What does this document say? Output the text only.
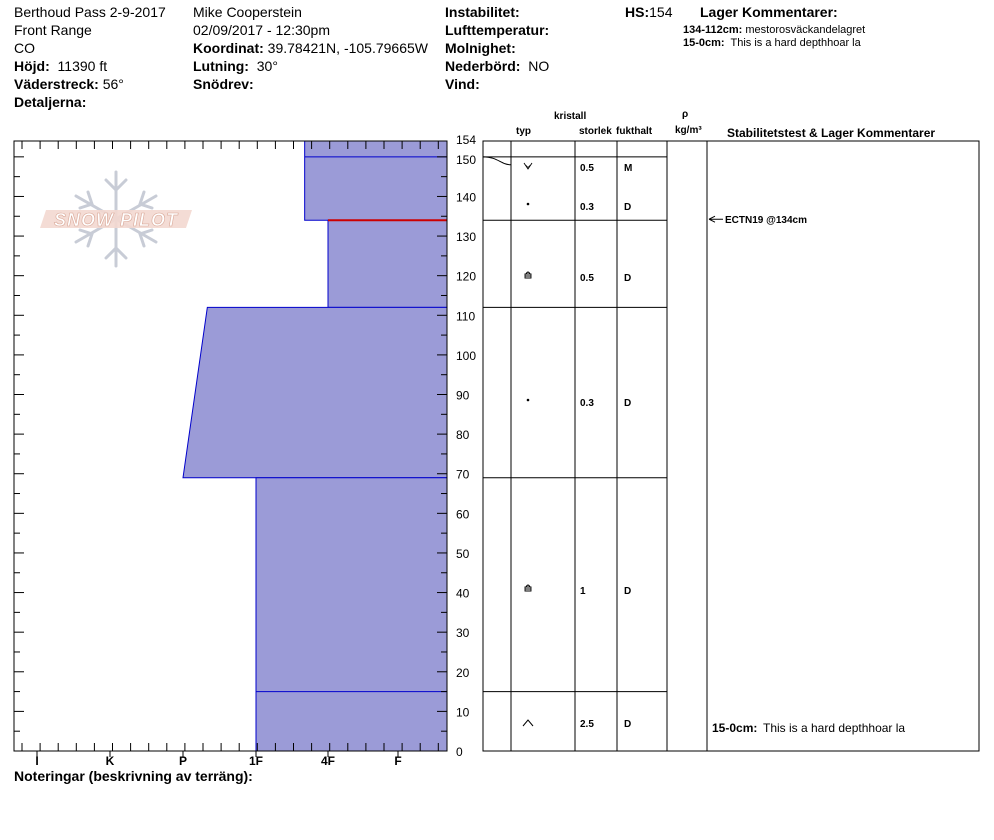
Berthoud Pass 2-9-2017
Front Range
CO
Höjd: 11390 ft
Väderstreck: 56°
Detaljerna:
Mike Cooperstein
02/09/2017 - 12:30pm
Koordinat: 39.78421N, -105.79665W
Lutning: 30°
Snödrev:
Instabilitet:
Lufttemperatur:
Molnighet:
Nederbörd: NO
Vind:
HS:154 Lager Kommentarer:
134-112cm: mestorosväckandelagret
15-0cm: This is a hard depthhoar la
kristall
typ	storlek fukthalt
ρ
kg/m³ Stabilitetstest & Lager Kommentarer
SNOW PILOT
I	K	P	1F	4F	F
0
10
20
30
40
50
60
70
80
90
100
110
120
130
140
150
154
0.5	M
0.3	D
0.5	D
0.3	D
1	D
2.5	D
ECTN19 @134cm
15-0cm: This is a hard depthhoar la
Noteringar (beskrivning av terräng):
